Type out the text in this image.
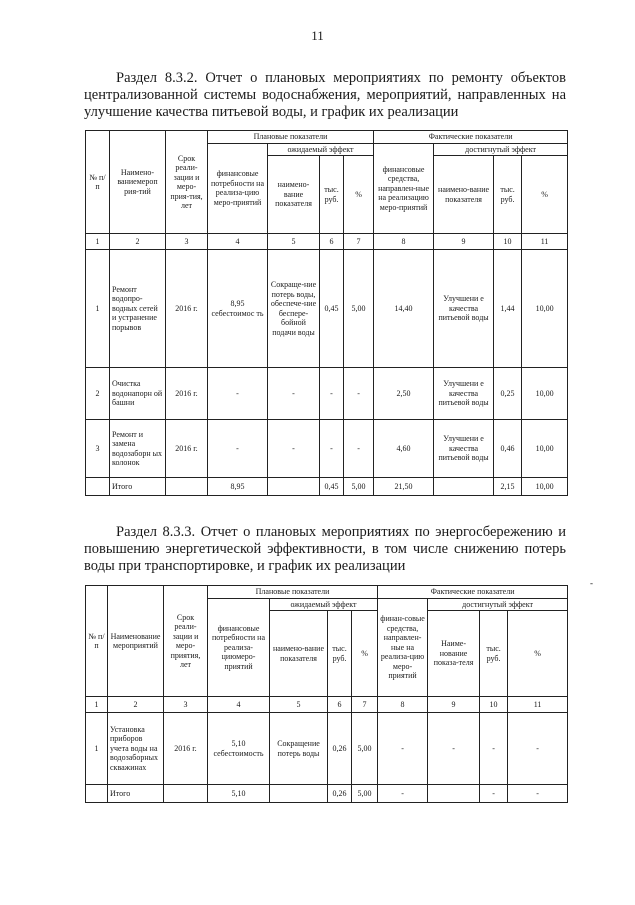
11
Раздел 8.3.2. Отчет о плановых мероприятиях по ремонту объектов централизованной системы водоснабжения, мероприятий, направленных на улучшение качества питьевой воды, и график их реализации
№ п/п	Наимено-ваниемероп рия-тий	Срок реали-зации и меро-прия-тия, лет	Плановые показатели				Фактические показатели			
			финансовые потребности на реализа-цию меро-приятий	ожидаемый эффект			финансовые средства, направлен-ные на реализацию меро-приятий	достигнутый эффект		
				наимено-вание показателя	тыс. руб.	%		наимено-вание показателя	тыс. руб.	%
1	2	3	4	5	6	7	8	9	10	11
1	Ремонт водопро-водных сетей и устранение порывов	2016 г.	8,95 себестоимос ть	Сокраще-ние потерь воды, обеспече-ние беспере-бойной подачи воды	0,45	5,00	14,40	Улучшени е качества питьевой воды	1,44	10,00
2	Очистка водонапорн ой башни	2016 г.	-	-	-	-	2,50	Улучшени е качества питьевой воды	0,25	10,00
3	Ремонт и замена водозаборн ых колонок	2016 г.	-	-	-	-	4,60	Улучшени е качества питьевой воды	0,46	10,00
	Итого		8,95		0,45	5,00	21,50		2,15	10,00
Раздел 8.3.3. Отчет о плановых мероприятиях по энергосбережению и повышению энергетической эффективности, в том числе снижению потерь воды при транспортировке, и график их реализации
№ п/п	Наименование мероприятий	Срок реали-зации и меро-приятия, лет	Плановые показатели				Фактические показатели			
			финансовые потребности на реализа-циюмеро-приятий	ожидаемый эффект			финан-совые средства, направлен-ные на реализа-цию меро-приятий	достигнутый эффект		
				наимено-вание показателя	тыс. руб.	%		Наиме-нование показа-теля	тыс. руб.	%
1	2	3	4	5	6	7	8	9	10	11
1	Установка приборов учета воды на водозаборных скважинах	2016 г.	5,10 себестоимость	Сокращение потерь воды	0,26	5,00	-	-	-	-
	Итого		5,10		0,26	5,00	-		-	-
-
